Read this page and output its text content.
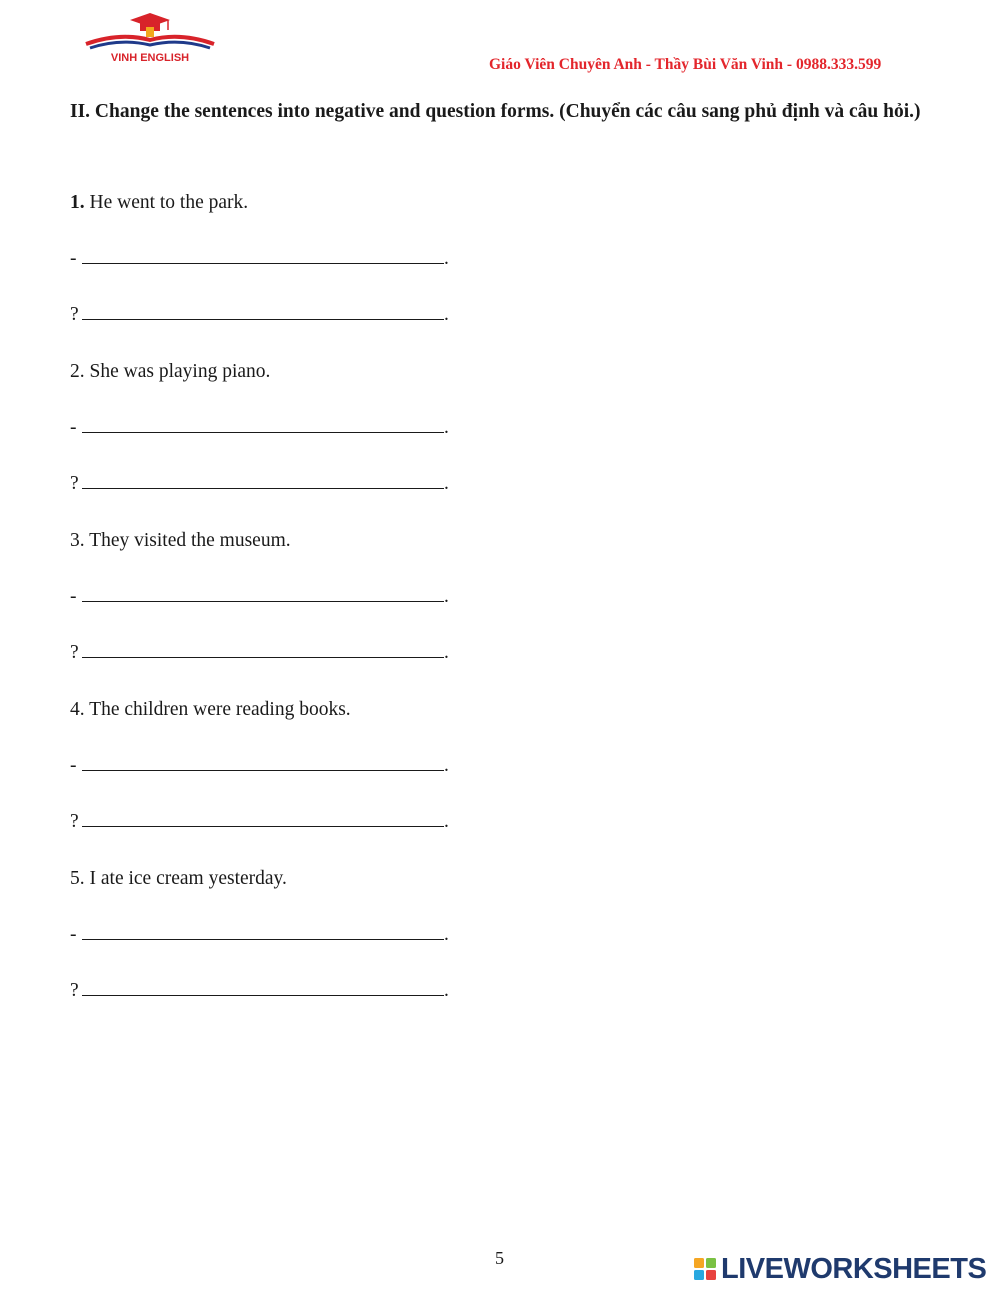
VINH ENGLISH	Giáo Viên Chuyên Anh - Thầy Bùi Văn Vinh - 0988.333.599
II. Change the sentences into negative and question forms. (Chuyển các câu sang phủ định và câu hỏi.)
1. He went to the park.
-	.
?	.
2. She was playing piano.
-	.
?	.
3. They visited the museum.
-	.
?	.
4. The children were reading books.
-	.
?	.
5. I ate ice cream yesterday.
-	.
?	.
5	LIVEWORKSHEETS
